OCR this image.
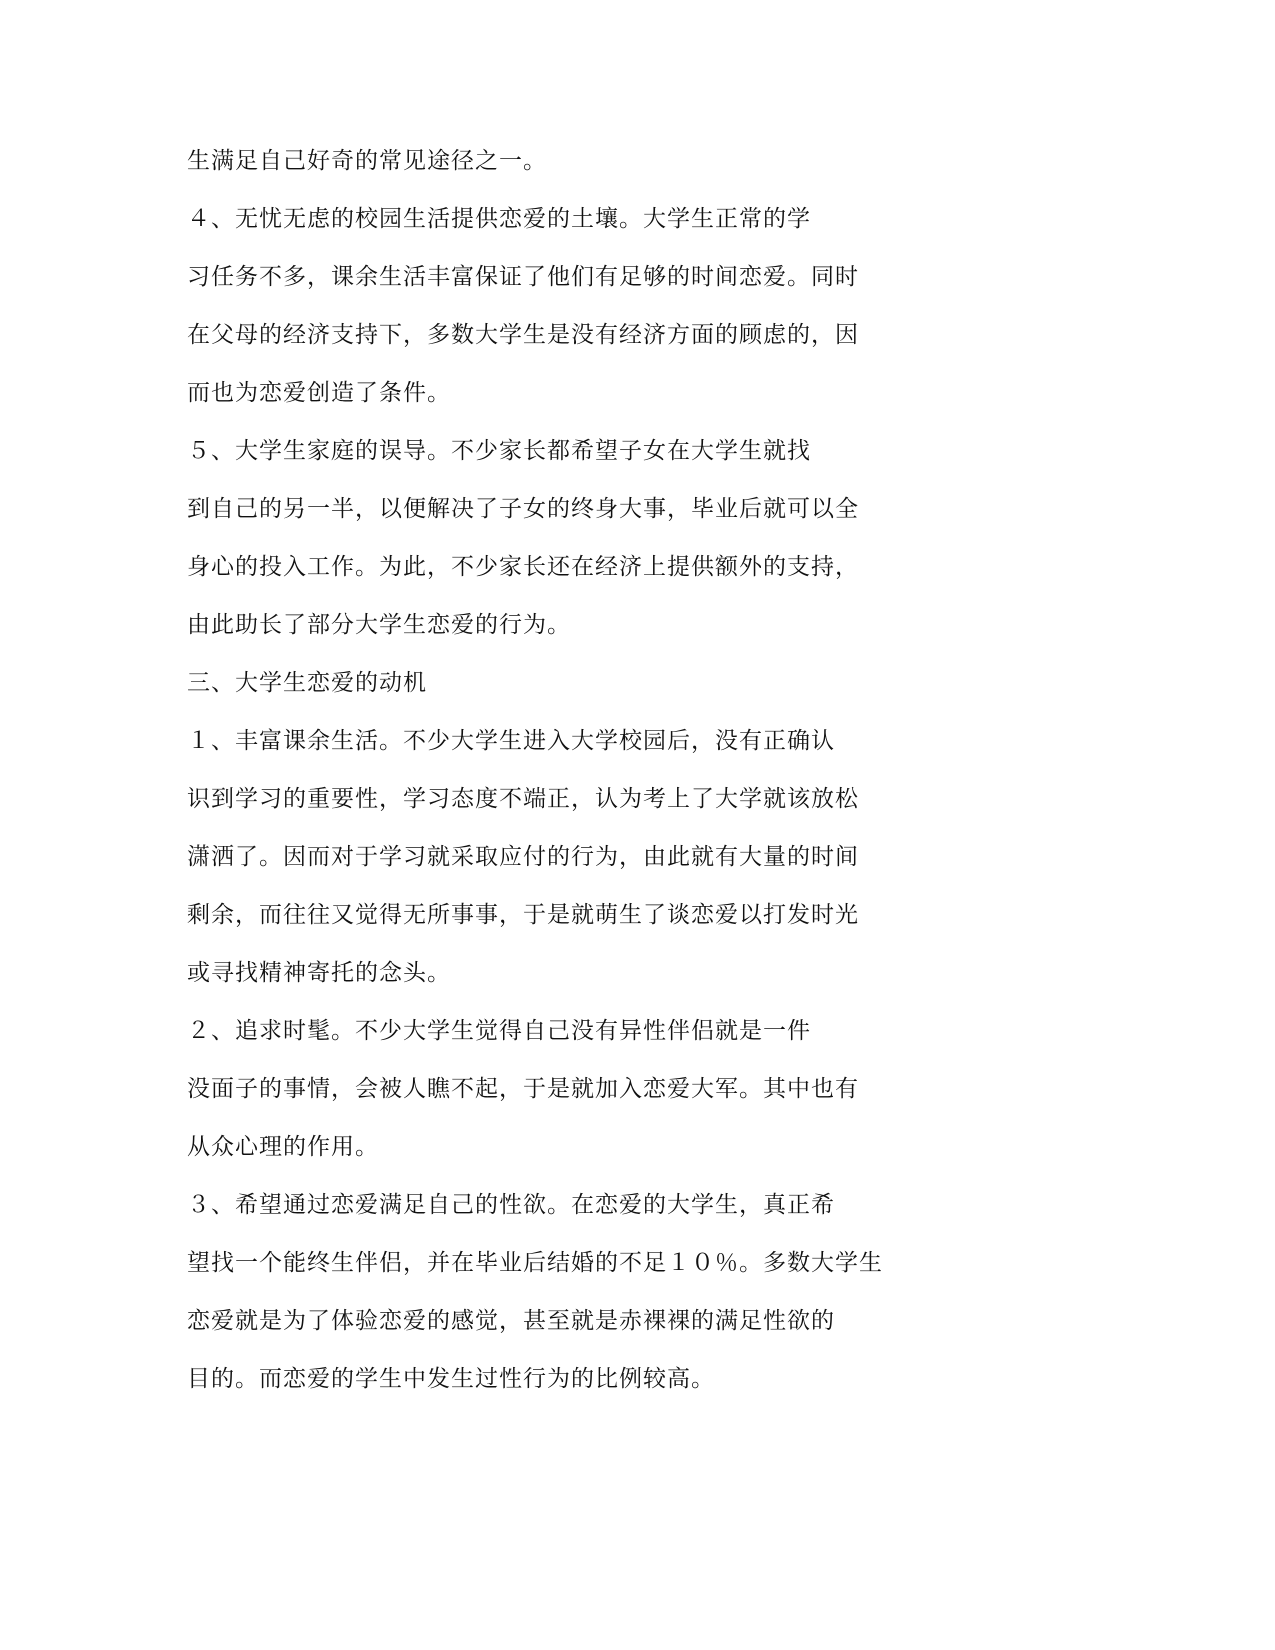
生满足自己好奇的常见途径之一。
４、无忧无虑的校园生活提供恋爱的土壤。大学生正常的学
习任务不多，课余生活丰富保证了他们有足够的时间恋爱。同时
在父母的经济支持下，多数大学生是没有经济方面的顾虑的，因
而也为恋爱创造了条件。
５、大学生家庭的误导。不少家长都希望子女在大学生就找
到自己的另一半，以便解决了子女的终身大事，毕业后就可以全
身心的投入工作。为此，不少家长还在经济上提供额外的支持，
由此助长了部分大学生恋爱的行为。
三、大学生恋爱的动机
１、丰富课余生活。不少大学生进入大学校园后，没有正确认
识到学习的重要性，学习态度不端正，认为考上了大学就该放松
潇洒了。因而对于学习就采取应付的行为，由此就有大量的时间
剩余，而往往又觉得无所事事，于是就萌生了谈恋爱以打发时光
或寻找精神寄托的念头。
２、追求时髦。不少大学生觉得自己没有异性伴侣就是一件
没面子的事情，会被人瞧不起，于是就加入恋爱大军。其中也有
从众心理的作用。
３、希望通过恋爱满足自己的性欲。在恋爱的大学生，真正希
望找一个能终生伴侣，并在毕业后结婚的不足１０％。多数大学生
恋爱就是为了体验恋爱的感觉，甚至就是赤裸裸的满足性欲的
目的。而恋爱的学生中发生过性行为的比例较高。
